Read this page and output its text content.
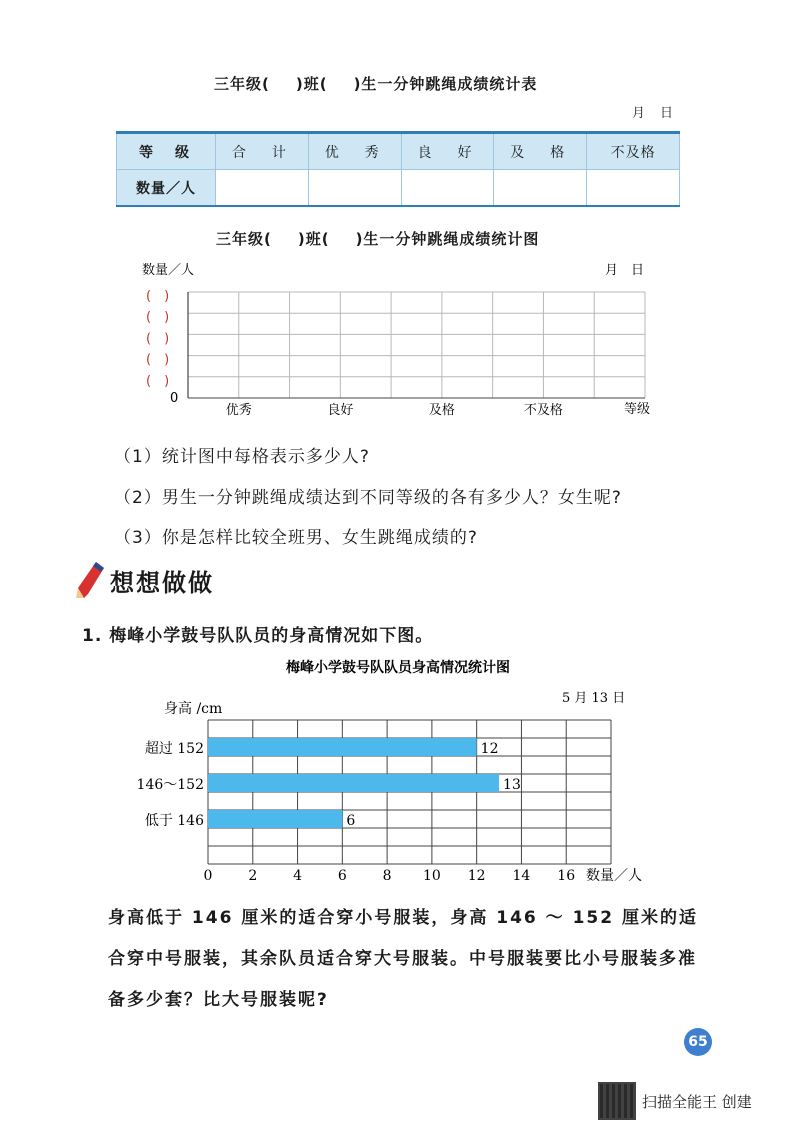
三年级( )班( )生一分钟跳绳成绩统计表
月　日
等　级	合　计	优　秀	良　好	及　格	不及格
数量／人					
三年级( )班( )生一分钟跳绳成绩统计图
数量／人	月　日
(　)
(　)
(　)
(　)
(　)
0
优秀	良好	及格	不及格	等级
（1）统计图中每格表示多少人?
（2）男生一分钟跳绳成绩达到不同等级的各有多少人？女生呢?
（3）你是怎样比较全班男、女生跳绳成绩的?
想想做做
1. 梅峰小学鼓号队队员的身高情况如下图。
梅峰小学鼓号队队员身高情况统计图
5 月 13 日
身高 /cm
12
13
6
超过 152
146～152
低于 146
0	2	4	6	8 10 12 14 16 数量／人
身高低于 146 厘米的适合穿小号服装，身高 146 ～ 152 厘米的适合穿中号服装，其余队员适合穿大号服装。中号服装要比小号服装多准备多少套？比大号服装呢?
65
扫描全能王 创建
